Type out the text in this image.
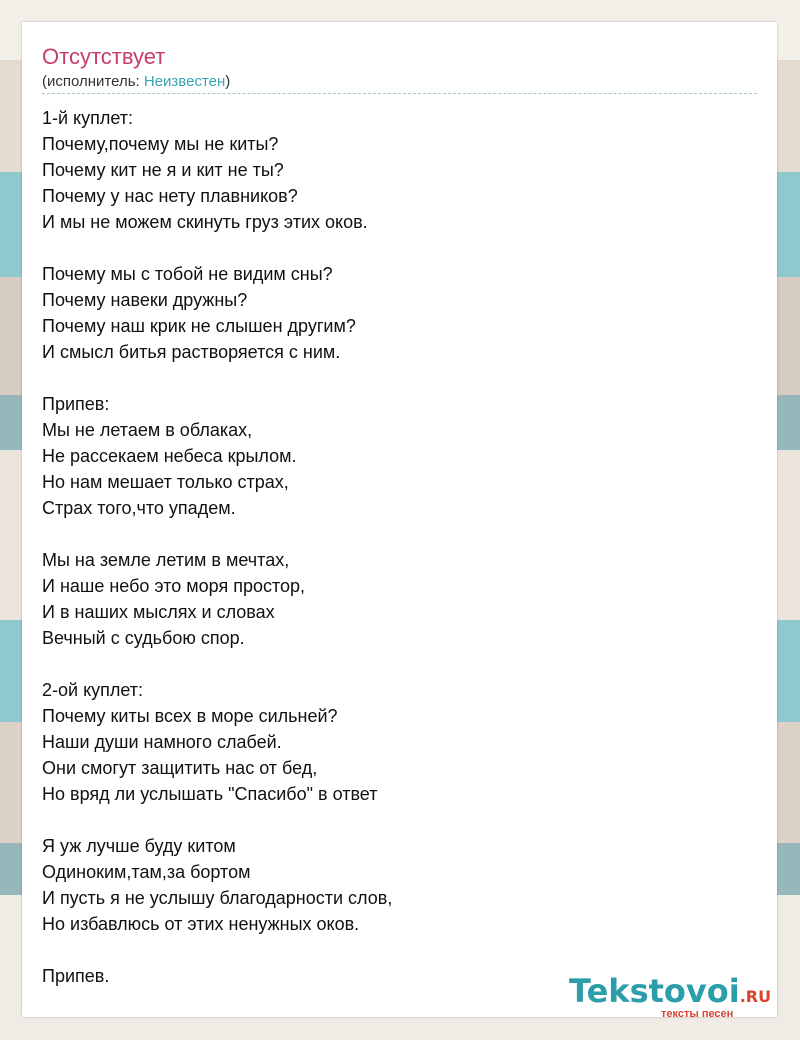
Отсутствует
(исполнитель: Неизвестен)
1-й куплет:
Почему,почему мы не киты?
Почему кит не я и кит не ты?
Почему у нас нету плавников?
И мы не можем скинуть груз этих оков.
Почему мы с тобой не видим сны?
Почему навеки дружны?
Почему наш крик не слышен другим?
И смысл битья растворяется с ним.
Припев:
Мы не летаем в облаках,
Не рассекаем небеса крылом.
Но нам мешает только страх,
Страх того,что упадем.
Мы на земле летим в мечтах,
И наше небо это моря простор,
И в наших мыслях и словах
Вечный с судьбою спор.
2-ой куплет:
Почему киты всех в море сильней?
Наши души намного слабей.
Они смогут защитить нас от бед,
Но вряд ли услышать "Спасибо" в ответ
Я уж лучше буду китом
Одиноким,там,за бортом
И пусть я не услышу благодарности слов,
Но избавлюсь от этих ненужных оков.
Припев.	Tekstovoi.RU
тексты песен
